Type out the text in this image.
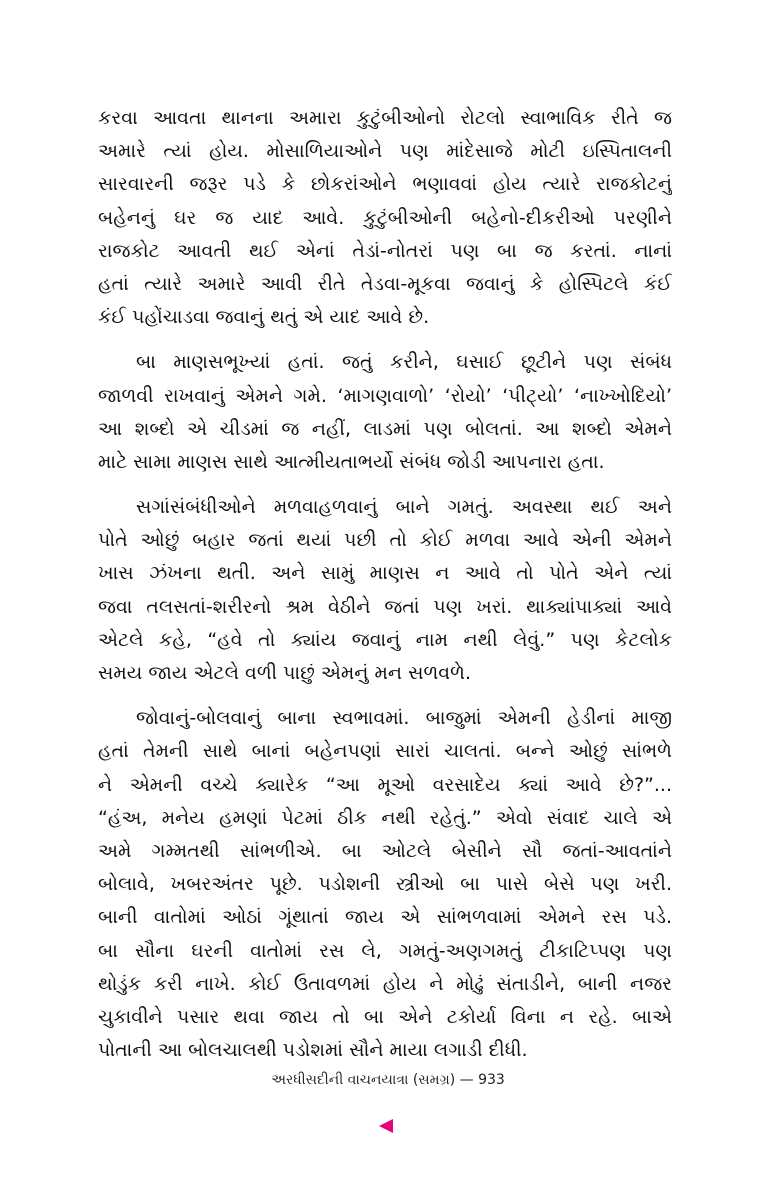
કરવા આવતા થાનના અમારા કુટુંબીઓનો રોટલો સ્વાભાવિક રીતે જ
અમારે ત્યાં હોય. મોસાળિયાઓને પણ માંદેસાજે મોટી ઇસ્પિતાલની
સારવારની જરૂર પડે કે છોકરાંઓને ભણાવવાં હોય ત્યારે રાજકોટનું
બહેનનું ઘર જ યાદ આવે. કુટુંબીઓની બહેનો-દીકરીઓ પરણીને
રાજકોટ આવતી થઈ એનાં તેડાં-નોતરાં પણ બા જ કરતાં. નાનાં
હતાં ત્યારે અમારે આવી રીતે તેડવા-મૂકવા જવાનું કે હોસ્પિટલે કંઈ
કંઈ પહોંચાડવા જવાનું થતું એ યાદ આવે છે.
બા માણસભૂખ્યાં હતાં. જતું કરીને, ઘસાઈ છૂટીને પણ સંબંધ
જાળવી રાખવાનું એમને ગમે. ‘માગણવાળો’ ‘રોયો’ ‘પીટ્યો’ ‘નાખ્ખોદિયો’
આ શબ્દો એ ચીડમાં જ નહીં, લાડમાં પણ બોલતાં. આ શબ્દો એમને
માટે સામા માણસ સાથે આત્મીયતાભર્યો સંબંધ જોડી આપનારા હતા.
સગાંસંબંધીઓને મળવાહળવાનું બાને ગમતું. અવસ્થા થઈ અને
પોતે ઓછું બહાર જતાં થયાં પછી તો કોઈ મળવા આવે એની એમને
ખાસ ઝંખના થતી. અને સામું માણસ ન આવે તો પોતે એને ત્યાં
જવા તલસતાં-શરીરનો શ્રમ વેઠીને જતાં પણ ખરાં. થાક્યાંપાક્યાં આવે
એટલે કહે, “હવે તો ક્યાંય જવાનું નામ નથી લેવું.” પણ કેટલોક
સમય જાય એટલે વળી પાછું એમનું મન સળવળે.
જોવાનું-બોલવાનું બાના સ્વભાવમાં. બાજુમાં એમની હેડીનાં માજી
હતાં તેમની સાથે બાનાં બહેનપણાં સારાં ચાલતાં. બન્ને ઓછું સાંભળે
ને એમની વચ્ચે ક્યારેક “આ મૂઓ વરસાદેય ક્યાં આવે છે?”...
“હંઅ, મનેય હમણાં પેટમાં ઠીક નથી રહેતું.” એવો સંવાદ ચાલે એ
અમે ગમ્મતથી સાંભળીએ. બા ઓટલે બેસીને સૌ જતાં-આવતાંને
બોલાવે, ખબરઅંતર પૂછે. પડોશની સ્ત્રીઓ બા પાસે બેસે પણ ખરી.
બાની વાતોમાં ઓઠાં ગૂંથાતાં જાય એ સાંભળવામાં એમને રસ પડે.
બા સૌના ઘરની વાતોમાં રસ લે, ગમતું-અણગમતું ટીકાટિપ્પણ પણ
થોડુંક કરી નાખે. કોઈ ઉતાવળમાં હોય ને મોઢું સંતાડીને, બાની નજર
ચુકાવીને પસાર થવા જાય તો બા એને ટકોર્યા વિના ન રહે. બાએ
પોતાની આ બોલચાલથી પડોશમાં સૌને માયા લગાડી દીધી.
અરધીસદીની વાચનયાત્રા (સમગ્ર) — 933
